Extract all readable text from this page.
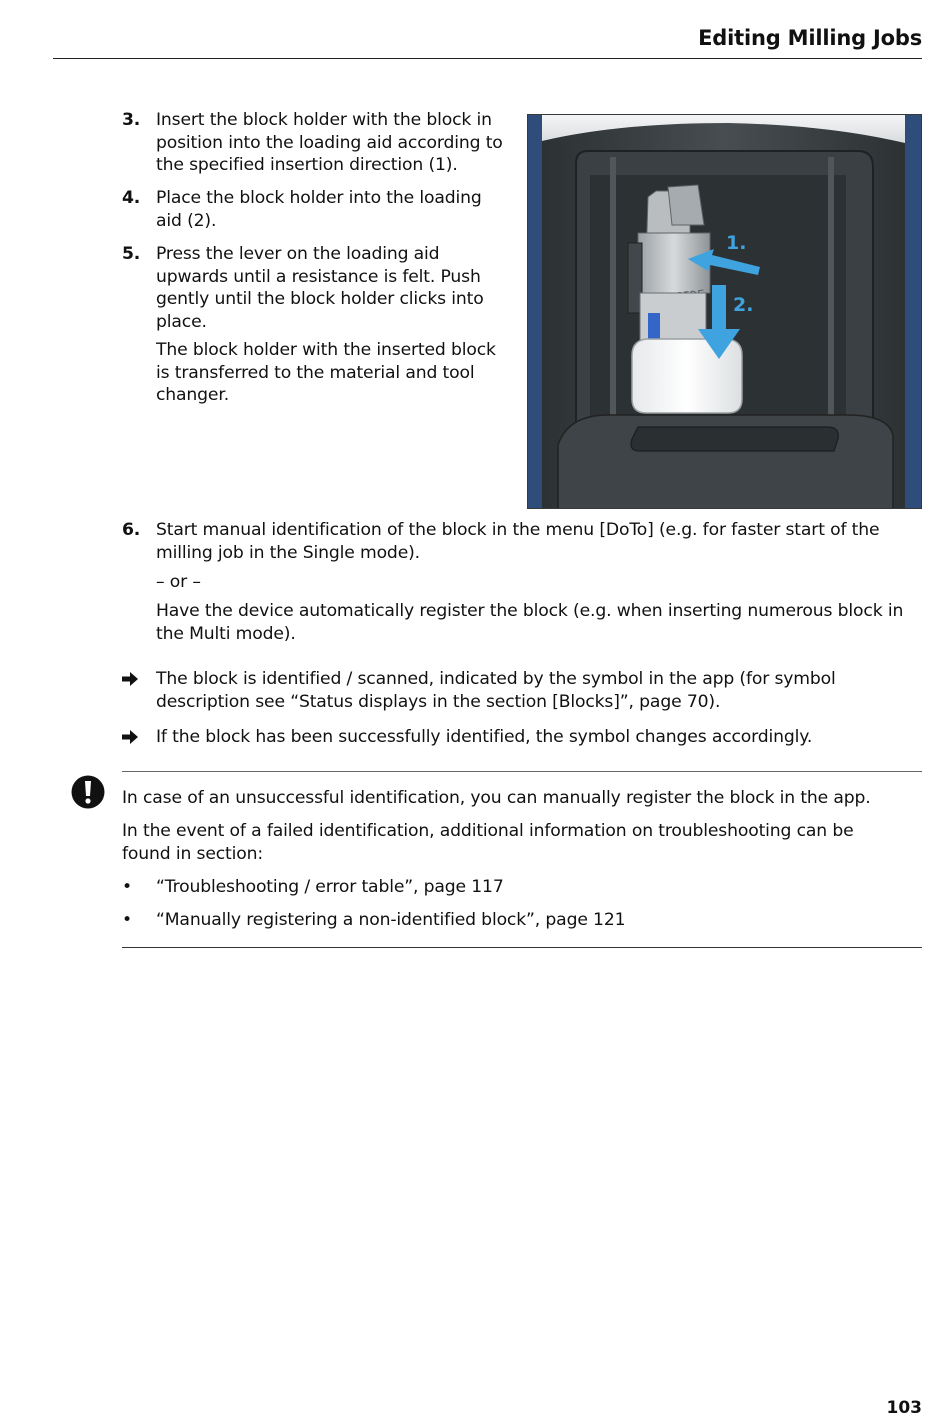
Editing Milling Jobs
3. Insert the block holder with the block in position into the loading aid according to the specified insertion direction (1).
4. Place the block holder into the loading aid (2).
5. Press the lever on the loading aid upwards until a resistance is felt. Push gently until the block holder clicks into place.
The block holder with the inserted block is transferred to the material and tool changer.
1.
2.
6. Start manual identification of the block in the menu [DoTo] (e.g. for faster start of the milling job in the Single mode).
– or –
Have the device automatically register the block (e.g. when inserting numerous block in the Multi mode).
The block is identified / scanned, indicated by the symbol in the app (for symbol description see “Status displays in the section [Blocks]”, page 70).
If the block has been successfully identified, the symbol changes accordingly.
In case of an unsuccessful identification, you can manually register the block in the app.
In the event of a failed identification, additional information on troubleshooting can be found in section:
• “Troubleshooting / error table”, page 117
• “Manually registering a non-identified block”, page 121
103
